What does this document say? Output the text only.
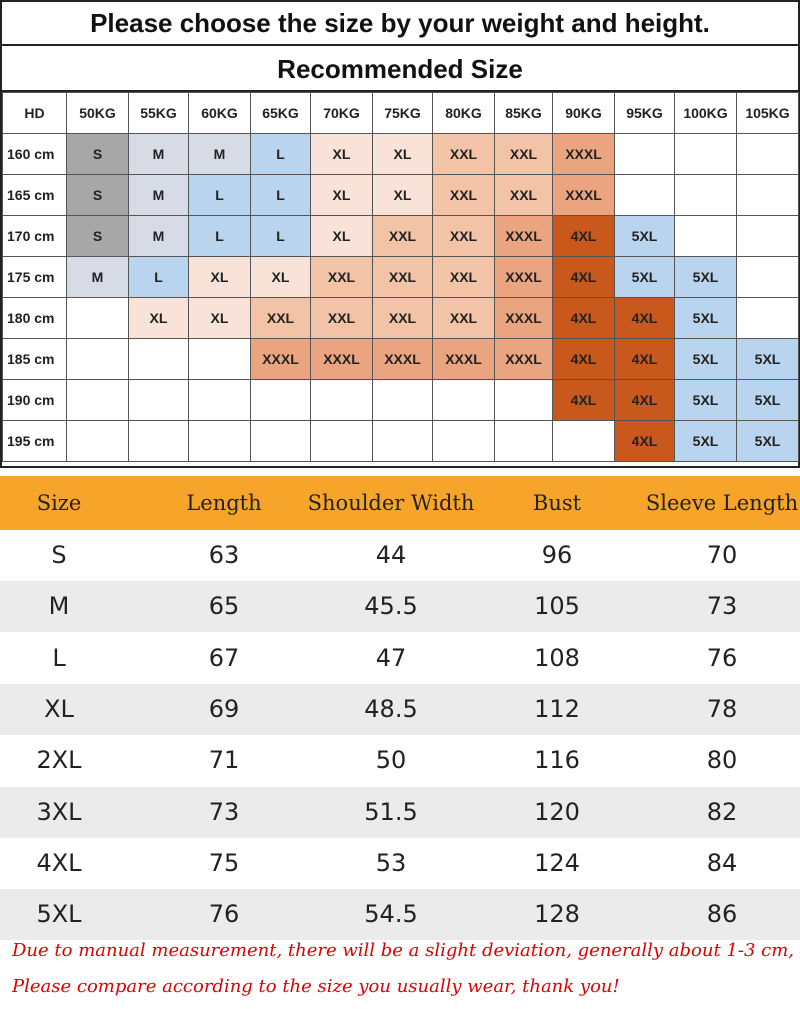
Please choose the size by your weight and height.
Recommended Size
HD	50KG	55KG	60KG	65KG	70KG	75KG	80KG	85KG	90KG	95KG	100KG	105KG
160 cm	S	M	M	L	XL	XL	XXL	XXL	XXXL			
165 cm	S	M	L	L	XL	XL	XXL	XXL	XXXL			
170 cm	S	M	L	L	XL	XXL	XXL	XXXL	4XL	5XL		
175 cm	M	L	XL	XL	XXL	XXL	XXL	XXXL	4XL	5XL	5XL	
180 cm		XL	XL	XXL	XXL	XXL	XXL	XXXL	4XL	4XL	5XL	
185 cm				XXXL	XXXL	XXXL	XXXL	XXXL	4XL	4XL	5XL	5XL
190 cm									4XL	4XL	5XL	5XL
195 cm										4XL	5XL	5XL
Size	Length	Shoulder Width	Bust	Sleeve Length
S	63	44	96	70
M	65	45.5	105	73
L	67	47	108	76
XL	69	48.5	112	78
2XL	71	50	116	80
3XL	73	51.5	120	82
4XL	75	53	124	84
5XL	76	54.5	128	86
Due to manual measurement, there will be a slight deviation, generally about 1-3 cm,
Please compare according to the size you usually wear, thank you!
